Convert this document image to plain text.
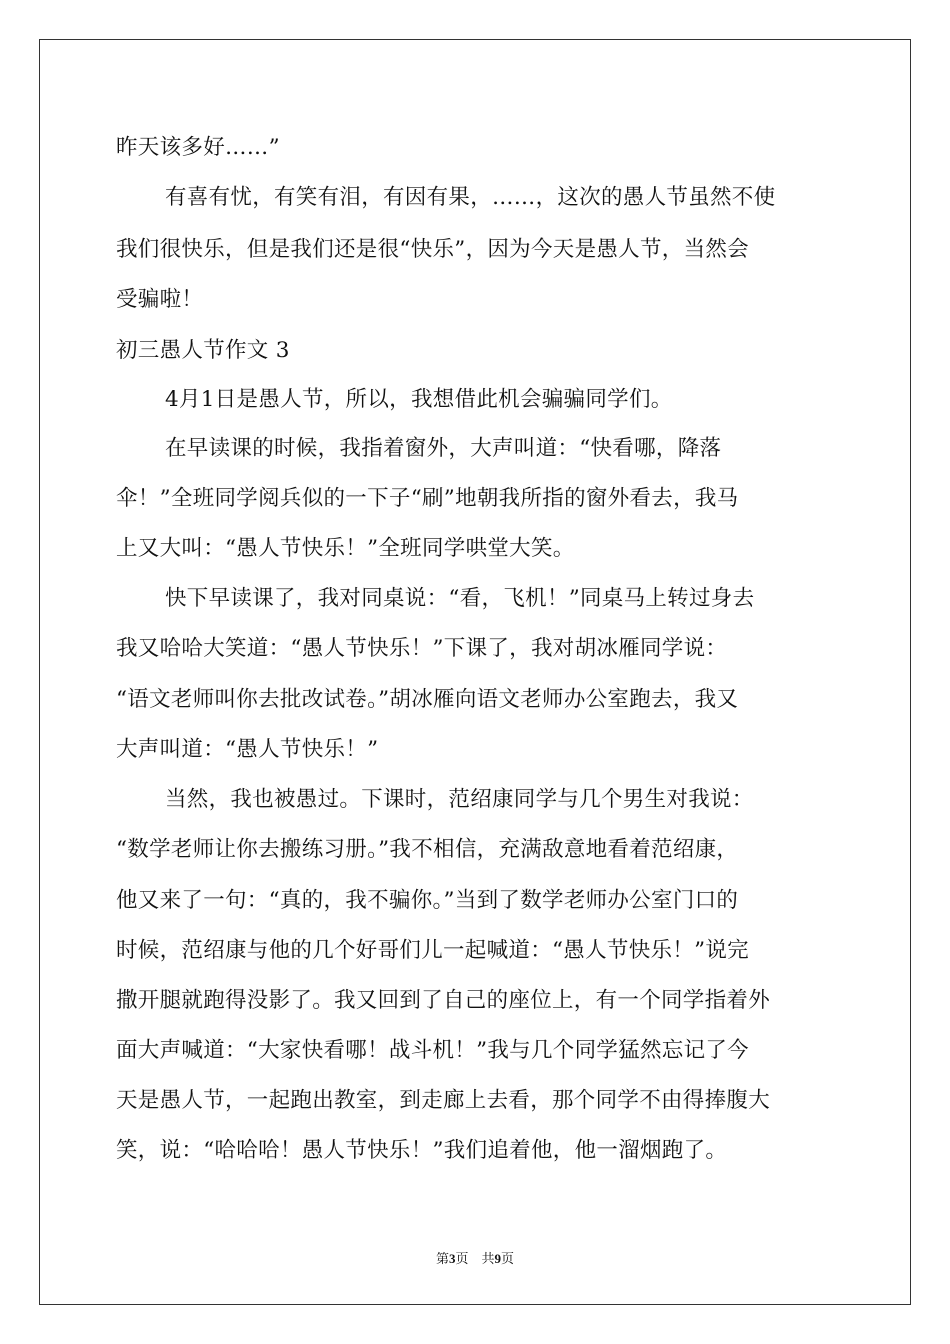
昨天该多好……”
有喜有忧，有笑有泪，有因有果，……，这次的愚人节虽然不使
我们很快乐，但是我们还是很“快乐”，因为今天是愚人节，当然会
受骗啦！
初三愚人节作文 3
4月1日是愚人节，所以，我想借此机会骗骗同学们。
在早读课的时候，我指着窗外，大声叫道：“快看哪，降落
伞！”全班同学阅兵似的一下子“刷”地朝我所指的窗外看去，我马
上又大叫：“愚人节快乐！”全班同学哄堂大笑。
快下早读课了，我对同桌说：“看，飞机！”同桌马上转过身去
我又哈哈大笑道：“愚人节快乐！”下课了，我对胡冰雁同学说：
“语文老师叫你去批改试卷。”胡冰雁向语文老师办公室跑去，我又
大声叫道：“愚人节快乐！”
当然，我也被愚过。下课时，范绍康同学与几个男生对我说：
“数学老师让你去搬练习册。”我不相信，充满敌意地看着范绍康，
他又来了一句：“真的，我不骗你。”当到了数学老师办公室门口的
时候，范绍康与他的几个好哥们儿一起喊道：“愚人节快乐！”说完
撒开腿就跑得没影了。我又回到了自己的座位上，有一个同学指着外
面大声喊道：“大家快看哪！战斗机！”我与几个同学猛然忘记了今
天是愚人节，一起跑出教室，到走廊上去看，那个同学不由得捧腹大
笑，说：“哈哈哈！愚人节快乐！”我们追着他，他一溜烟跑了。
第3页　共9页
